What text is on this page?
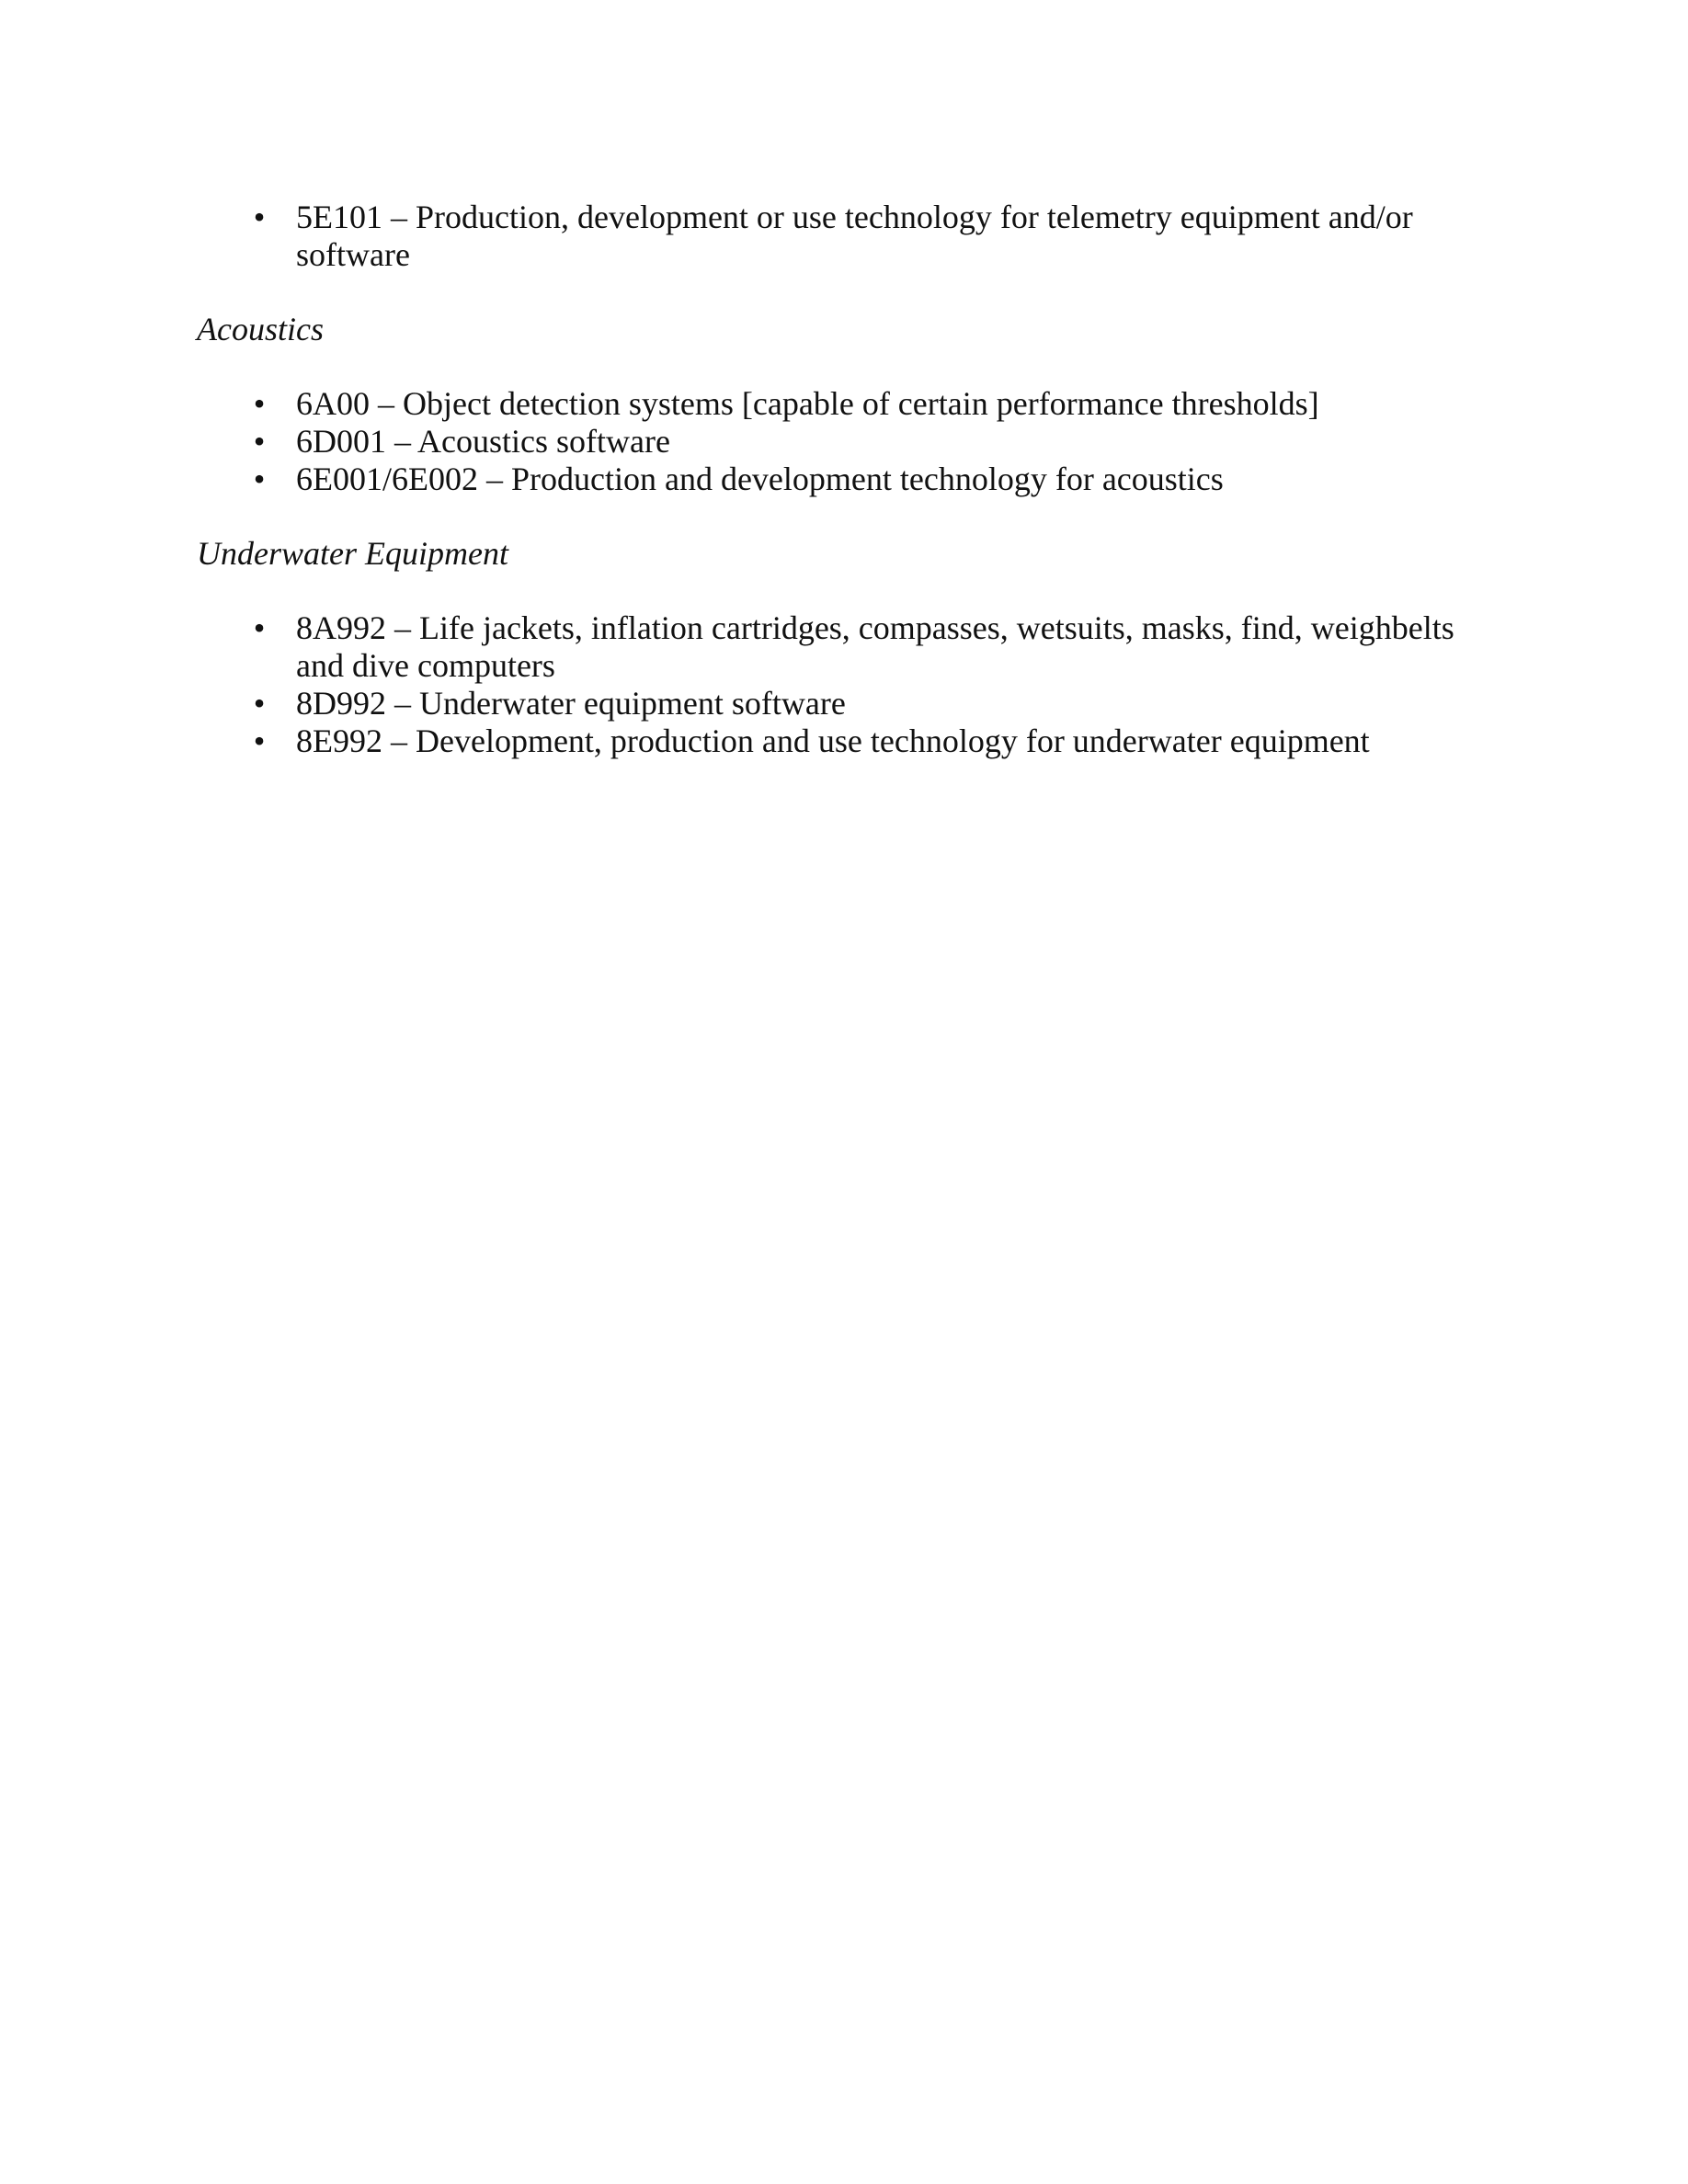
• 5E101 – Production, development or use technology for telemetry equipment and/or software

Acoustics

• 6A00 – Object detection systems [capable of certain performance thresholds]
• 6D001 – Acoustics software
• 6E001/6E002 – Production and development technology for acoustics

Underwater Equipment

• 8A992 – Life jackets, inflation cartridges, compasses, wetsuits, masks, find, weighbelts and dive computers
• 8D992 – Underwater equipment software
• 8E992 – Development, production and use technology for underwater equipment
